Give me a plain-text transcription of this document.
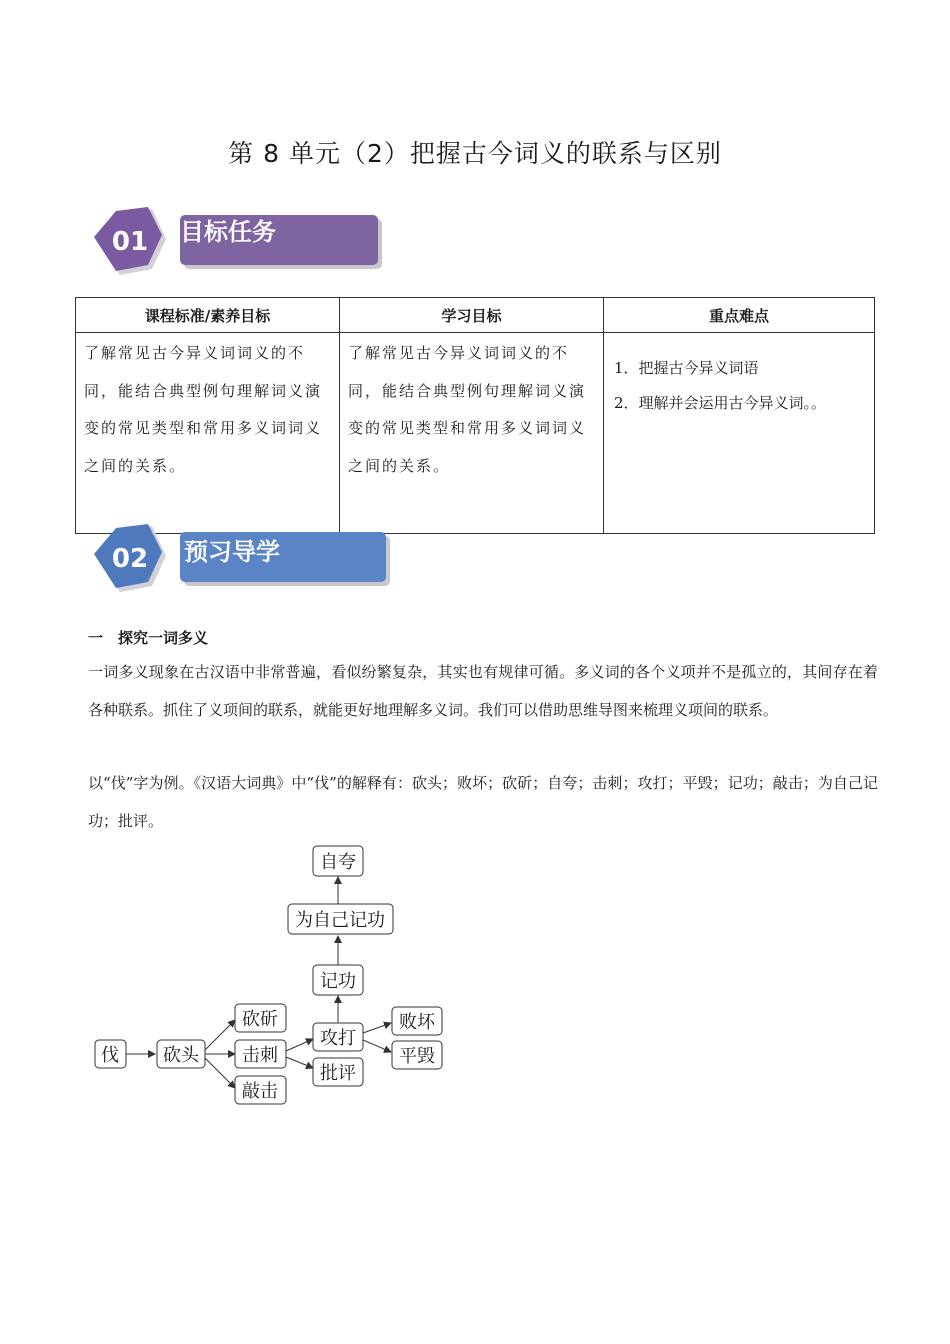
第 8 单元（2）把握古今词义的联系与区别
01 目标任务
课程标准/素养目标	学习目标	重点难点
了解常见古今异义词词义的不同，能结合典型例句理解词义演变的常见类型和常用多义词词义之间的关系。	了解常见古今异义词词义的不同，能结合典型例句理解词义演变的常见类型和常用多义词词义之间的关系。	1．把握古今异义词语
2．理解并会运用古今异义词。。
02 预习导学
一　探究一词多义
一词多义现象在古汉语中非常普遍，看似纷繁复杂，其实也有规律可循。多义词的各个义项并不是孤立的，其间存在着各种联系。抓住了义项间的联系，就能更好地理解多义词。我们可以借助思维导图来梳理义项间的联系。
以“伐”字为例。《汉语大词典》中“伐”的解释有：砍头；败坏；砍斫；自夸；击刺；攻打；平毁；记功；敲击；为自己记功；批评。
伐 砍头
砍斫
击刺
敲击
攻打
批评
败坏
平毁
记功
为自己记功
自夸
